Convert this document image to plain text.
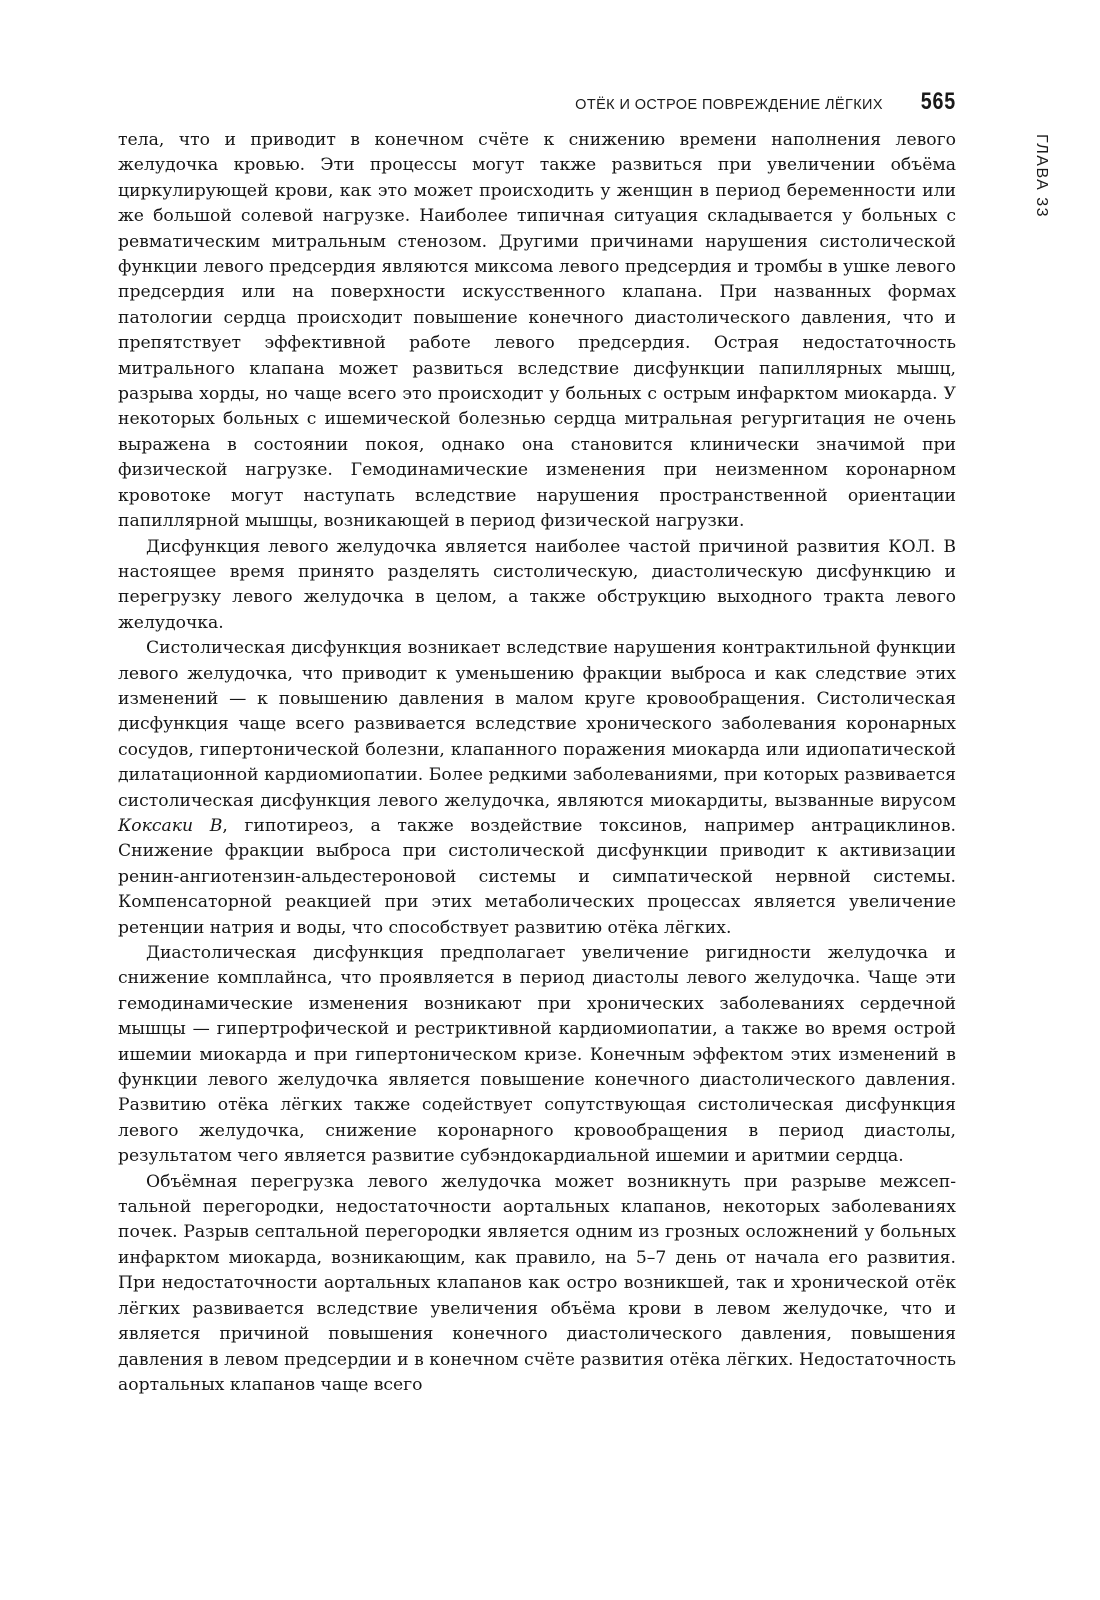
ОТЁК И ОСТРОЕ ПОВРЕЖДЕНИЕ ЛЁГКИХ 565
ГЛАВА 33

тела, что и приводит в конечном счёте к снижению времени наполнения левого желудочка кровью. Эти процессы могут также развиться при увеличении объёма циркулирующей крови, как это может происходить у женщин в период беременности или же большой солевой нагрузке. Наиболее типичная ситуация складывается у больных с ревматическим митральным стенозом. Другими причинами нарушения систолической функции левого предсердия являются миксома левого предсердия и тромбы в ушке левого предсердия или на поверхности искусственного клапана. При названных формах патологии сердца происходит повышение конечного диастолического давления, что и препятствует эффективной работе левого предсердия. Острая недостаточность митрального клапана может развиться вследствие дисфункции папиллярных мышц, разрыва хорды, но чаще всего это происходит у больных с острым инфарктом миокарда. У некоторых больных с ишемической болезнью сердца митральная регургитация не очень выражена в состоянии покоя, однако она становится клинически значимой при физической нагрузке. Гемодинамические изменения при неизменном коронарном кровотоке могут наступать вследствие нарушения пространственной ориентации папиллярной мышцы, возникающей в период физической нагрузки.

Дисфункция левого желудочка является наиболее частой причиной развития КОЛ. В настоящее время принято разделять систолическую, диастолическую дисфункцию и перегрузку левого желудочка в целом, а также обструкцию выходного тракта левого желудочка.

Систолическая дисфункция возникает вследствие нарушения контрактильной функции левого желудочка, что приводит к уменьшению фракции выброса и как следствие этих изменений — к повышению давления в малом круге кровообращения. Систолическая дисфункция чаще всего развивается вследствие хронического заболевания коронарных сосудов, гипертонической болезни, клапанного поражения миокарда или идиопатической дилатационной кардиомиопатии. Более редкими заболеваниями, при которых развивается систолическая дисфункция левого желудочка, являются миокардиты, вызванные вирусом Коксаки В, гипотиреоз, а также воздействие токсинов, например антрациклинов. Снижение фракции выброса при систолической дисфункции приводит к активизации ренин-ангиотензин-альдестероновой системы и симпатической нервной системы. Компенсаторной реакцией при этих метаболических процессах является увеличение ретенции натрия и воды, что способствует развитию отёка лёгких.

Диастолическая дисфункция предполагает увеличение ригидности желудочка и снижение комплайнса, что проявляется в период диастолы левого желудочка. Чаще эти гемодинамические изменения возникают при хронических заболеваниях сердечной мышцы — гипертрофической и рестриктивной кардиомиопатии, а также во время острой ишемии миокарда и при гипертоническом кризе. Конечным эффектом этих изменений в функции левого желудочка является повышение конечного диастолического давления. Развитию отёка лёгких также содействует сопутствующая систолическая дисфункция левого желудочка, снижение коронарного кровообращения в период диастолы, результатом чего является развитие субэндокардиальной ишемии и аритмии сердца.

Объёмная перегрузка левого желудочка может возникнуть при разрыве межсептальной перегородки, недостаточности аортальных клапанов, некоторых заболеваниях почек. Разрыв септальной перегородки является одним из грозных осложнений у больных инфарктом миокарда, возникающим, как правило, на 5–7 день от начала его развития. При недостаточности аортальных клапанов как остро возникшей, так и хронической отёк лёгких развивается вследствие увеличения объёма крови в левом желудочке, что и является причиной повышения конечного диастолического давления, повышения давления в левом предсердии и в конечном счёте развития отёка лёгких. Недостаточность аортальных клапанов чаще всего
